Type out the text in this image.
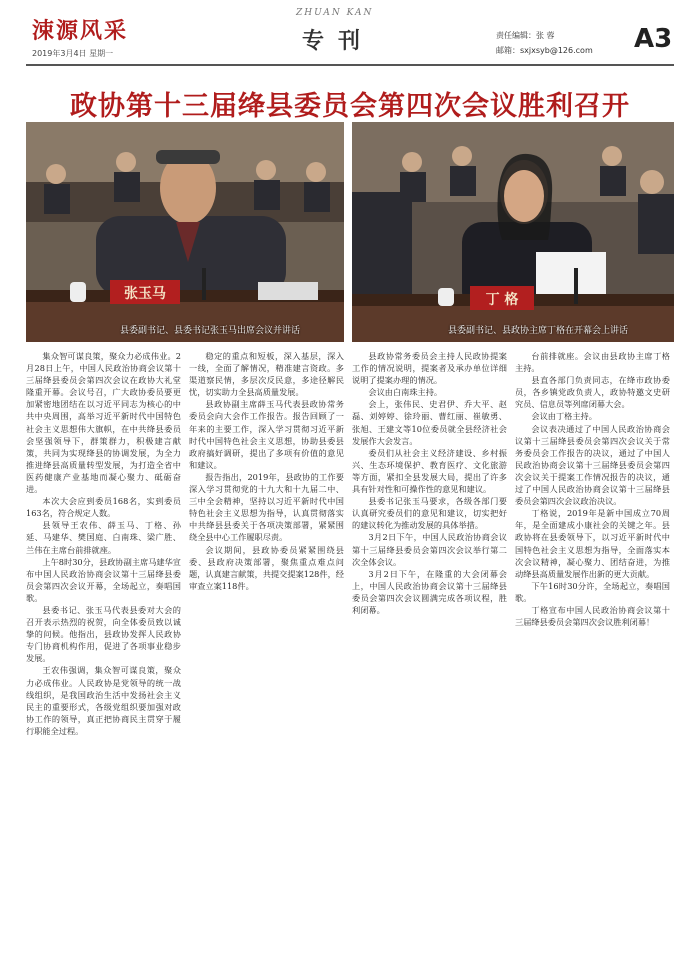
涑源风采
2019年3月4日 星期一
ZHUAN KAN
专刊	责任编辑：张 蓉
邮箱：sxjxsyb@126.com A3
政协第十三届绛县委员会第四次会议胜利召开
张玉马
县委副书记、县委书记张玉马出席会议并讲话
丁 格
县委副书记、县政协主席丁格在开幕会上讲话

集众智可谋良策，聚众力必成伟业。2月28日上午，中国人民政治协商会议第十三届绛县委员会第四次会议在政协大礼堂隆重开幕。会议号召，广大政协委员要更加紧密地团结在以习近平同志为核心的中共中央周围，高举习近平新时代中国特色社会主义思想伟大旗帜，在中共绛县委员会坚强领导下，群策群力，积极建言献策，共同为实现绛县的协调发展，为全力推进绛县高质量转型发展，为打造全省中医药健康产业基地而凝心聚力、砥砺奋进。

本次大会应到委员168名，实到委员163名，符合规定人数。

县领导王农伟、薛玉马、丁格、孙延、马建华、樊国庭、白南珠、梁广胜、兰伟在主席台前排就座。

上午8时30分，县政协副主席马建华宣布中国人民政治协商会议第十三届绛县委员会第四次会议开幕，全场起立，奏唱国歌。

县委书记、张玉马代表县委对大会的召开表示热烈的祝贺，向全体委员致以诚挚的问候。他指出，县政协发挥人民政协专门协商机构作用，促进了各项事业稳步发展。

王农伟强调，集众智可谋良策，聚众力必成伟业。人民政协是党领导的统一战线组织，是我国政治生活中发扬社会主义民主的重要形式，各级党组织要加强对政协工作的领导，真正把协商民主贯穿于履行职能全过程。

稳定的重点和短板，深入基层，深入一线，全面了解情况，精准建言资政。多渠道察民情，多层次反民意，多途径解民忧，切实助力全县高质量发展。

县政协副主席薛玉马代表县政协常务委员会向大会作工作报告。报告回顾了一年来的主要工作，深入学习贯彻习近平新时代中国特色社会主义思想，协助县委县政府搞好调研，提出了多项有价值的意见和建议。

报告指出，2019年，县政协的工作要深入学习贯彻党的十九大和十九届二中、三中全会精神，坚持以习近平新时代中国特色社会主义思想为指导，认真贯彻落实中共绛县县委关于各项决策部署，紧紧围绕全县中心工作履职尽责。

会议期间，县政协委员紧紧围绕县委、县政府决策部署，聚焦重点难点问题，认真建言献策，共提交提案128件，经审查立案118件。

县政协常务委员会主持人民政协提案工作的情况说明，提案者及承办单位详细说明了提案办理的情况。

会议由白南珠主持。

会上，张伟民、史君伊、乔大平、赵磊、刘婷婷、徐玲丽、曹红丽、崔敏勇、张旭、王建文等10位委员就全县经济社会发展作大会发言。

委员们从社会主义经济建设、乡村振兴、生态环境保护、教育医疗、文化旅游等方面，紧扣全县发展大局，提出了许多具有针对性和可操作性的意见和建议。

县委书记张玉马要求，各级各部门要认真研究委员们的意见和建议，切实把好的建议转化为推动发展的具体举措。

3月2日下午，中国人民政治协商会议第十三届绛县委员会第四次会议举行第二次全体会议。

3月2日下午，在隆重的大会闭幕会上，中国人民政治协商会议第十三届绛县委员会第四次会议圆满完成各项议程，胜利闭幕。

台前排就座。会议由县政协主席丁格主持。

县直各部门负责同志，在绛市政协委员，各乡镇党政负责人，政协特邀文史研究员、信息员等列席闭幕大会。

会议由丁格主持。

会议表决通过了中国人民政治协商会议第十三届绛县委员会第四次会议关于常务委员会工作报告的决议，通过了中国人民政治协商会议第十三届绛县委员会第四次会议关于提案工作情况报告的决议，通过了中国人民政治协商会议第十三届绛县委员会第四次会议政治决议。

丁格说，2019年是新中国成立70周年，是全面建成小康社会的关键之年。县政协将在县委领导下，以习近平新时代中国特色社会主义思想为指导，全面落实本次会议精神，凝心聚力、团结奋进，为推动绛县高质量发展作出新的更大贡献。

下午16时30分许，全场起立，奏唱国歌。

丁格宣布中国人民政治协商会议第十三届绛县委员会第四次会议胜利闭幕！
